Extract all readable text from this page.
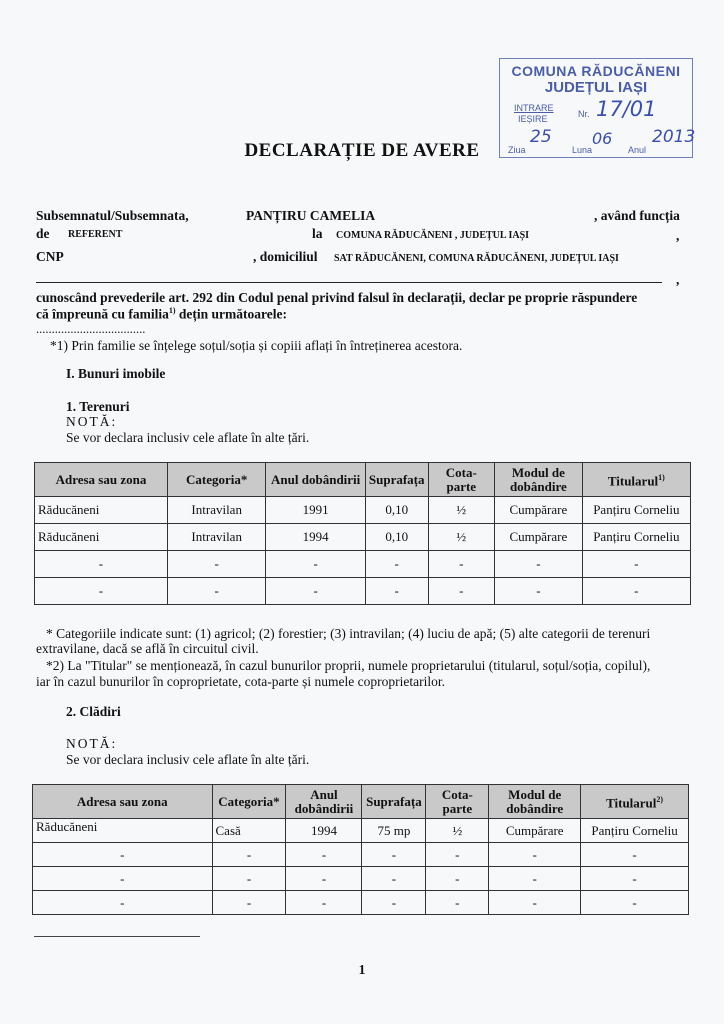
COMUNA RĂDUCĂNENI
JUDEȚUL IAȘI
INTRARE
IEȘIRE	Nr. 17/01
25	06 2013
Ziua	Luna	Anul
DECLARAȚIE DE AVERE
Subsemnatul/Subsemnata,	PANȚIRU CAMELIA	, având funcția
de REFERENT	la COMUNA RĂDUCĂNENI , JUDEȚUL IAȘI	,
CNP	, domiciliul SAT RĂDUCĂNENI, COMUNA RĂDUCĂNENI, JUDEȚUL IAȘI
,
cunoscând prevederile art. 292 din Codul penal privind falsul în declarații, declar pe proprie răspundere
că împreună cu familia$^{1)}$ dețin următoarele:
...................................
*1) Prin familie se înțelege soțul/soția și copiii aflați în întreținerea acestora.
I. Bunuri imobile
1. Terenuri
NOTĂ:
Se vor declara inclusiv cele aflate în alte țări.
Adresa sau zona	Categoria*	Anul dobândirii	Suprafața	Cota-parte	Modul de dobândire	Titularul$^{1)}$
Răducăneni	Intravilan	1991	0,10	½	Cumpărare	Panțiru Corneliu
Răducăneni	Intravilan	1994	0,10	½	Cumpărare	Panțiru Corneliu
-	-	-	-	-	-	-
-	-	-	-	-	-	-
* Categoriile indicate sunt: (1) agricol; (2) forestier; (3) intravilan; (4) luciu de apă; (5) alte categorii de terenuri
extravilane, dacă se află în circuitul civil.
*2) La "Titular" se menționează, în cazul bunurilor proprii, numele proprietarului (titularul, soțul/soția, copilul),
iar în cazul bunurilor în coproprietate, cota-parte și numele coproprietarilor.
2. Clădiri
NOTĂ:
Se vor declara inclusiv cele aflate în alte țări.
Adresa sau zona	Categoria*	Anul dobândirii	Suprafața	Cota-parte	Modul de dobândire	Titularul$^{2)}$
Răducăneni	Casă	1994	75 mp	½	Cumpărare	Panțiru Corneliu
-	-	-	-	-	-	-
-	-	-	-	-	-	-
-	-	-	-	-	-	-
1
